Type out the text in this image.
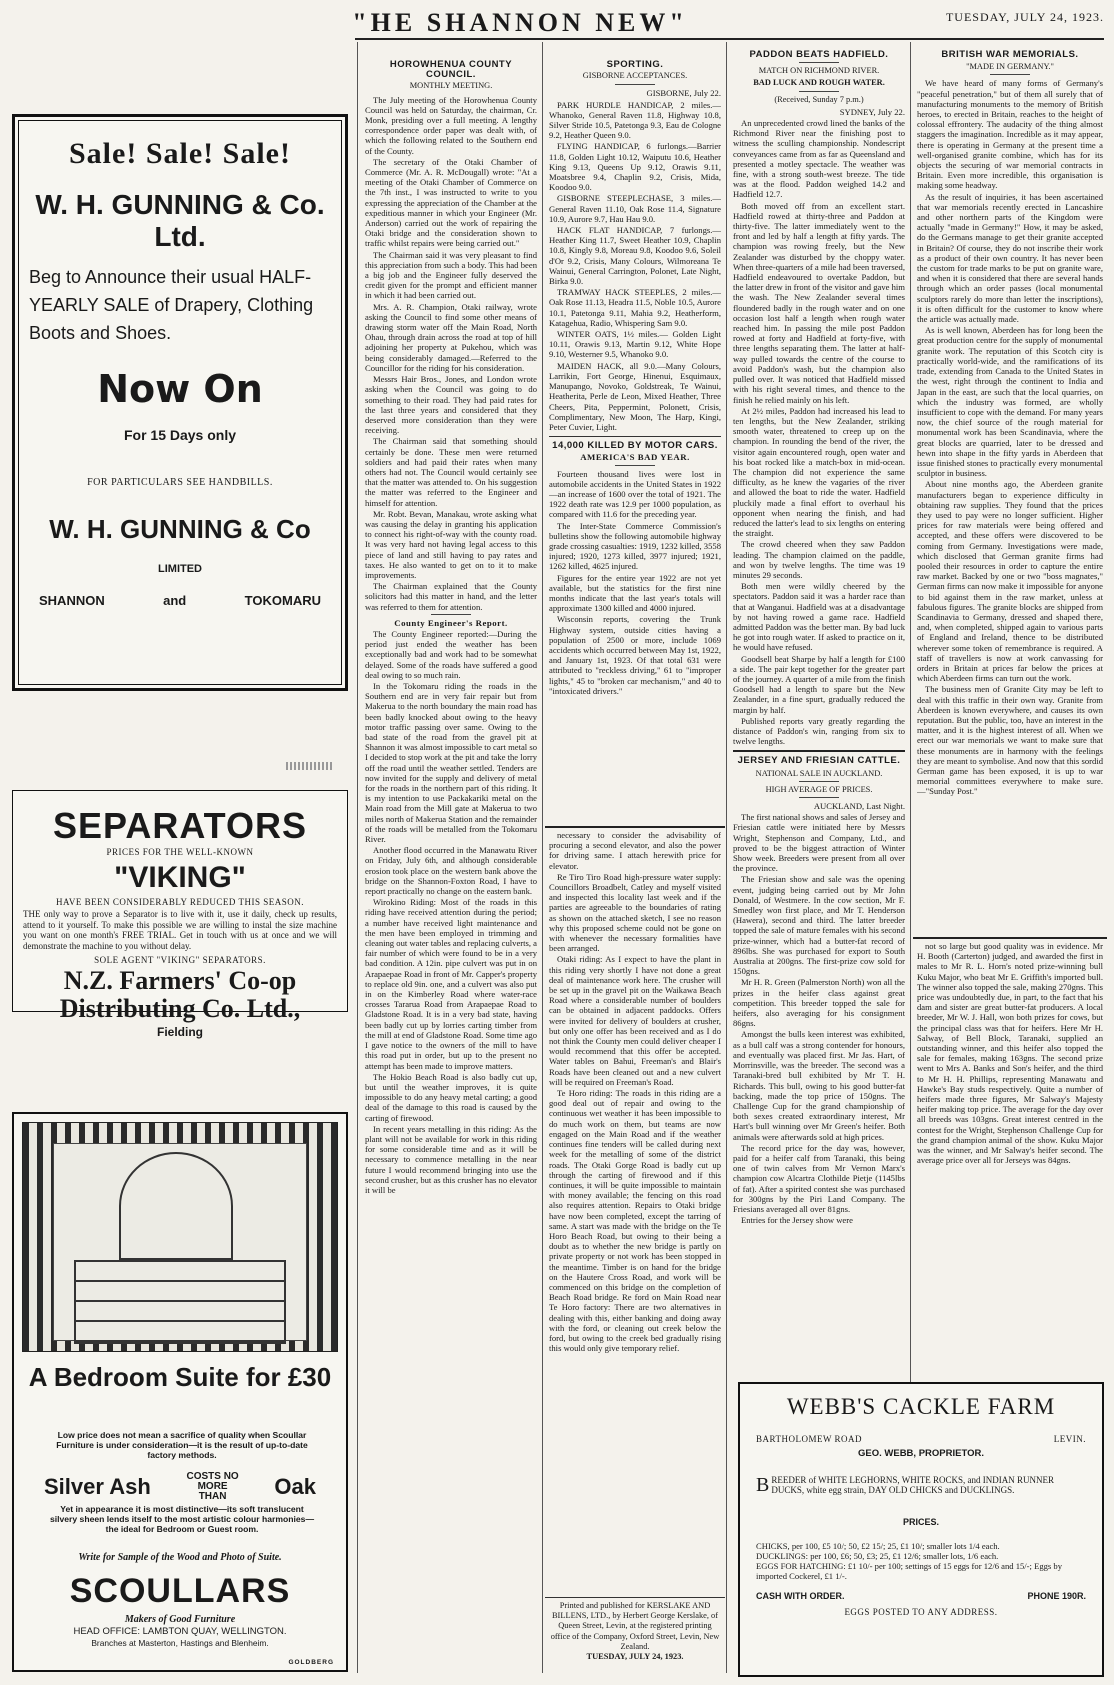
"HE SHANNON NEW"	TUESDAY, JULY 24, 1923.
Sale! Sale! Sale!
W. H. GUNNING & Co. Ltd.
Beg to Announce their usual HALF-YEARLY SALE of Drapery, Clothing Boots and Shoes.
Now On
For 15 Days only
FOR PARTICULARS SEE HANDBILLS.
W. H. GUNNING & Co
LIMITED
SHANNON	and	TOKOMARU
SEPARATORS
PRICES FOR THE WELL-KNOWN
"VIKING"
HAVE BEEN CONSIDERABLY REDUCED THIS SEASON.
THE only way to prove a Separator is to live with it, use it daily, check up results, attend to it yourself. To make this possible we are willing to instal the size machine you want on one month's FREE TRIAL. Get in touch with us at once and we will demonstrate the machine to you without delay.
SOLE AGENT "VIKING" SEPARATORS.
N.Z. Farmers' Co-op Distributing Co. Ltd.,
Fielding
A Bedroom Suite for £30
Low price does not mean a sacrifice of quality when Scoullar Furniture is under consideration—it is the result of up-to-date factory methods.
Silver Ash	COSTS NO MORE THAN	Oak
Yet in appearance it is most distinctive—its soft translucent silvery sheen lends itself to the most artistic colour harmonies—the ideal for Bedroom or Guest room.
Write for Sample of the Wood and Photo of Suite.
SCOULLARS
Makers of Good Furniture
HEAD OFFICE: LAMBTON QUAY, WELLINGTON.
Branches at Masterton, Hastings and Blenheim.
GOLDBERG
HOROWHENUA COUNTY COUNCIL.
MONTHLY MEETING.

The July meeting of the Horowhenua County Council was held on Saturday, the chairman, Cr. Monk, presiding over a full meeting. A lengthy correspondence order paper was dealt with, of which the following related to the Southern end of the County.

The secretary of the Otaki Chamber of Commerce (Mr. A. R. McDougall) wrote: "At a meeting of the Otaki Chamber of Commerce on the 7th inst., I was instructed to write to you expressing the appreciation of the Chamber at the expeditious manner in which your Engineer (Mr. Anderson) carried out the work of repairing the Otaki bridge and the consideration shown to traffic whilst repairs were being carried out."

The Chairman said it was very pleasant to find this appreciation from such a body. This had been a big job and the Engineer fully deserved the credit given for the prompt and efficient manner in which it had been carried out.

Mrs. A. R. Champion, Otaki railway, wrote asking the Council to find some other means of drawing storm water off the Main Road, North Ohau, through drain across the road at top of hill adjoining her property at Pukehou, which was being considerably damaged.—Referred to the Councillor for the riding for his consideration.

Messrs Hair Bros., Jones, and London wrote asking when the Council was going to do something to their road. They had paid rates for the last three years and considered that they deserved more consideration than they were receiving.

The Chairman said that something should certainly be done. These men were returned soldiers and had paid their rates when many others had not. The Council would certainly see that the matter was attended to. On his suggestion the matter was referred to the Engineer and himself for attention.

Mr. Robt. Bevan, Manakau, wrote asking what was causing the delay in granting his application to connect his right-of-way with the county road. It was very hard not having legal access to this piece of land and still having to pay rates and taxes. He also wanted to get on to it to make improvements.

The Chairman explained that the County solicitors had this matter in hand, and the letter was referred to them for attention.

County Engineer's Report.

The County Engineer reported:—During the period just ended the weather has been exceptionally bad and work had to be somewhat delayed. Some of the roads have suffered a good deal owing to so much rain.

In the Tokomaru riding the roads in the Southern end are in very fair repair but from Makerua to the north boundary the main road has been badly knocked about owing to the heavy motor traffic passing over same. Owing to the bad state of the road from the gravel pit at Shannon it was almost impossible to cart metal so I decided to stop work at the pit and take the lorry off the road until the weather settled. Tenders are now invited for the supply and delivery of metal for the roads in the northern part of this riding. It is my intention to use Packakariki metal on the Main road from the Mill gate at Makerua to two miles north of Makerua Station and the remainder of the roads will be metalled from the Tokomaru River.

Another flood occurred in the Manawatu River on Friday, July 6th, and although considerable erosion took place on the western bank above the bridge on the Shannon-Foxton Road, I have to report practically no change on the eastern bank.

Wirokino Riding: Most of the roads in this riding have received attention during the period; a number have received light maintenance and the men have been employed in trimming and cleaning out water tables and replacing culverts, a fair number of which were found to be in a very bad condition. A 12in. pipe culvert was put in on Arapaepae Road in front of Mr. Capper's property to replace old 9in. one, and a culvert was also put in on the Kimberley Road where water-race crosses Tararua Road from Arapaepae Road to Gladstone Road. It is in a very bad state, having been badly cut up by lorries carting timber from the mill at end of Gladstone Road. Some time ago I gave notice to the owners of the mill to have this road put in order, but up to the present no attempt has been made to improve matters.

The Hokio Beach Road is also badly cut up, but until the weather improves, it is quite impossible to do any heavy metal carting; a good deal of the damage to this road is caused by the carting of firewood.

In recent years metalling in this riding: As the plant will not be available for work in this riding for some considerable time and as it will be necessary to commence metalling in the near future I would recommend bringing into use the second crusher, but as this crusher has no elevator it will be

SPORTING.
GISBORNE ACCEPTANCES.

GISBORNE, July 22.

PARK HURDLE HANDICAP, 2 miles.—Whanoko, General Raven 11.8, Highway 10.8, Silver Stride 10.5, Patetonga 9.3, Eau de Cologne 9.2, Heather Queen 9.0.

FLYING HANDICAP, 6 furlongs.—Barrier 11.8, Golden Light 10.12, Waiputu 10.6, Heather King 9.13, Queens Up 9.12, Orawis 9.11, Moatsbree 9.4, Chaplin 9.2, Crisis, Mida, Koodoo 9.0.

GISBORNE STEEPLECHASE, 3 miles.—General Raven 11.10, Oak Rose 11.4, Signature 10.9, Aurore 9.7, Hau Hau 9.0.

HACK FLAT HANDICAP, 7 furlongs.— Heather King 11.7, Sweet Heather 10.9, Chaplin 10.8, Kingly 9.8, Moreau 9.8, Koodoo 9.6, Soleil d'Or 9.2, Crisis, Many Colours, Wilmoreana Te Wainui, General Carrington, Polonet, Late Night, Birka 9.0.

TRAMWAY HACK STEEPLES, 2 miles.—Oak Rose 11.13, Headra 11.5, Noble 10.5, Aurore 10.1, Patetonga 9.11, Mahia 9.2, Heatherform, Katagehua, Radio, Whispering Sam 9.0.

WINTER OATS, 1½ miles.— Golden Light 10.11, Orawis 9.13, Martin 9.12, White Hope 9.10, Westerner 9.5, Whanoko 9.0.

MAIDEN HACK, all 9.0.—Many Colours, Larrikin, Fort George, Hinenui, Esquimaux, Manupango, Novoko, Goldstreak, Te Wainui, Heatherita, Perle de Leon, Mixed Heather, Three Cheers, Pita, Peppermint, Polonett, Crisis, Complimentary, New Moon, The Harp, Kingi, Peter Cuvier, Light.

14,000 KILLED BY MOTOR CARS.
AMERICA'S BAD YEAR.

Fourteen thousand lives were lost in automobile accidents in the United States in 1922—an increase of 1600 over the total of 1921. The 1922 death rate was 12.9 per 1000 population, as compared with 11.6 for the preceding year.

The Inter-State Commerce Commission's bulletins show the following automobile highway grade crossing casualties: 1919, 1232 killed, 3558 injured; 1920, 1273 killed, 3977 injured; 1921, 1262 killed, 4625 injured.

Figures for the entire year 1922 are not yet available, but the statistics for the first nine months indicate that the last year's totals will approximate 1300 killed and 4000 injured.

Wisconsin reports, covering the Trunk Highway system, outside cities having a population of 2500 or more, include 1069 accidents which occurred between May 1st, 1922, and January 1st, 1923. Of that total 631 were attributed to "reckless driving," 61 to "improper lights," 45 to "broken car mechanism," and 40 to "intoxicated drivers."

necessary to consider the advisability of procuring a second elevator, and also the power for driving same. I attach herewith price for elevator.

Re Tiro Tiro Road high-pressure water supply: Councillors Broadbelt, Catley and myself visited and inspected this locality last week and if the parties are agreeable to the boundaries of rating as shown on the attached sketch, I see no reason why this proposed scheme could not be gone on with whenever the necessary formalities have been arranged.

Otaki riding: As I expect to have the plant in this riding very shortly I have not done a great deal of maintenance work here. The crusher will be set up in the gravel pit on the Waikawa Beach Road where a considerable number of boulders can be obtained in adjacent paddocks. Offers were invited for delivery of boulders at crusher, but only one offer has been received and as I do not think the County men could deliver cheaper I would recommend that this offer be accepted. Water tables on Bahui, Freeman's and Blair's Roads have been cleaned out and a new culvert will be required on Freeman's Road.

Te Horo riding: The roads in this riding are a good deal out of repair and owing to the continuous wet weather it has been impossible to do much work on them, but teams are now engaged on the Main Road and if the weather continues fine tenders will be called during next week for the metalling of some of the district roads. The Otaki Gorge Road is badly cut up through the carting of firewood and if this continues, it will be quite impossible to maintain with money available; the fencing on this road also requires attention. Repairs to Otaki bridge have now been completed, except the tarring of same. A start was made with the bridge on the Te Horo Beach Road, but owing to their being a doubt as to whether the new bridge is partly on private property or not work has been stopped in the meantime. Timber is on hand for the bridge on the Hautere Cross Road, and work will be commenced on this bridge on the completion of Beach Road bridge. Re ford on Main Road near Te Horo factory: There are two alternatives in dealing with this, either banking and doing away with the ford, or cleaning out creek below the ford, but owing to the creek bed gradually rising this would only give temporary relief.

Printed and published for KERSLAKE AND BILLENS, LTD., by Herbert George Kerslake, of Queen Street, Levin, at the registered printing office of the Company, Oxford Street, Levin, New Zealand.
TUESDAY, JULY 24, 1923.
PADDON BEATS HADFIELD.
MATCH ON RICHMOND RIVER.
BAD LUCK AND ROUGH WATER.
(Received, Sunday 7 p.m.)

SYDNEY, July 22.

An unprecedented crowd lined the banks of the Richmond River near the finishing post to witness the sculling championship. Nondescript conveyances came from as far as Queensland and presented a motley spectacle. The weather was fine, with a strong south-west breeze. The tide was at the flood. Paddon weighed 14.2 and Hadfield 12.7.

Both moved off from an excellent start. Hadfield rowed at thirty-three and Paddon at thirty-five. The latter immediately went to the front and led by half a length at fifty yards. The champion was rowing freely, but the New Zealander was disturbed by the choppy water. When three-quarters of a mile had been traversed, Hadfield endeavoured to overtake Paddon, but the latter drew in front of the visitor and gave him the wash. The New Zealander several times floundered badly in the rough water and on one occasion lost half a length when rough water reached him. In passing the mile post Paddon rowed at forty and Hadfield at forty-five, with three lengths separating them. The latter at half-way pulled towards the centre of the course to avoid Paddon's wash, but the champion also pulled over. It was noticed that Hadfield missed with his right several times, and thence to the finish he relied mainly on his left.

At 2½ miles, Paddon had increased his lead to ten lengths, but the New Zealander, striking smooth water, threatened to creep up on the champion. In rounding the bend of the river, the visitor again encountered rough, open water and his boat rocked like a match-box in mid-ocean. The champion did not experience the same difficulty, as he knew the vagaries of the river and allowed the boat to ride the water. Hadfield pluckily made a final effort to overhaul his opponent when nearing the finish, and had reduced the latter's lead to six lengths on entering the straight.

The crowd cheered when they saw Paddon leading. The champion claimed on the paddle, and won by twelve lengths. The time was 19 minutes 29 seconds.

Both men were wildly cheered by the spectators. Paddon said it was a harder race than that at Wanganui. Hadfield was at a disadvantage by not having rowed a game race. Hadfield admitted Paddon was the better man. By bad luck he got into rough water. If asked to practice on it, he would have refused.

Goodsell beat Sharpe by half a length for £100 a side. The pair kept together for the greater part of the journey. A quarter of a mile from the finish Goodsell had a length to spare but the New Zealander, in a fine spurt, gradually reduced the margin by half.

Published reports vary greatly regarding the distance of Paddon's win, ranging from six to twelve lengths.

JERSEY AND FRIESIAN CATTLE.
NATIONAL SALE IN AUCKLAND.
HIGH AVERAGE OF PRICES.

AUCKLAND, Last Night.

The first national shows and sales of Jersey and Friesian cattle were initiated here by Messrs Wright, Stephenson and Company, Ltd., and proved to be the biggest attraction of Winter Show week. Breeders were present from all over the province.

The Friesian show and sale was the opening event, judging being carried out by Mr John Donald, of Westmere. In the cow section, Mr F. Smedley won first place, and Mr T. Henderson (Hawera), second and third. The latter breeder topped the sale of mature females with his second prize-winner, which had a butter-fat record of 896lbs. She was purchased for export to South Australia at 200gns. The first-prize cow sold for 150gns.

Mr H. R. Green (Palmerston North) won all the prizes in the heifer class against great competition. This breeder topped the sale for heifers, also averaging for his consignment 86gns.

Amongst the bulls keen interest was exhibited, as a bull calf was a strong contender for honours, and eventually was placed first. Mr Jas. Hart, of Morrinsville, was the breeder. The second was a Taranaki-bred bull exhibited by Mr T. H. Richards. This bull, owing to his good butter-fat backing, made the top price of 150gns. The Challenge Cup for the grand championship of both sexes created extraordinary interest, Mr Hart's bull winning over Mr Green's heifer. Both animals were afterwards sold at high prices.

The record price for the day was, however, paid for a heifer calf from Taranaki, this being one of twin calves from Mr Vernon Marx's champion cow Alcartra Clothilde Pietje (1145lbs of fat). After a spirited contest she was purchased for 300gns by the Piri Land Company. The Friesians averaged all over 81gns.

Entries for the Jersey show were

BRITISH WAR MEMORIALS.
"MADE IN GERMANY."

We have heard of many forms of Germany's "peaceful penetration," but of them all surely that of manufacturing monuments to the memory of British heroes, to erected in Britain, reaches to the height of colossal effrontery. The audacity of the thing almost staggers the imagination. Incredible as it may appear, there is operating in Germany at the present time a well-organised granite combine, which has for its objects the securing of war memorial contracts in Britain. Even more incredible, this organisation is making some headway.

As the result of inquiries, it has been ascertained that war memorials recently erected in Lancashire and other northern parts of the Kingdom were actually "made in Germany!" How, it may be asked, do the Germans manage to get their granite accepted in Britain? Of course, they do not inscribe their work as a product of their own country. It has never been the custom for trade marks to be put on granite ware, and when it is considered that there are several hands through which an order passes (local monumental sculptors rarely do more than letter the inscriptions), it is often difficult for the customer to know where the article was actually made.

As is well known, Aberdeen has for long been the great production centre for the supply of monumental granite work. The reputation of this Scotch city is practically world-wide, and the ramifications of its trade, extending from Canada to the United States in the west, right through the continent to India and Japan in the east, are such that the local quarries, on which the industry was formed, are wholly insufficient to cope with the demand. For many years now, the chief source of the rough material for monumental work has been Scandinavia, where the great blocks are quarried, later to be dressed and hewn into shape in the fifty yards in Aberdeen that issue finished stones to practically every monumental sculptor in business.

About nine months ago, the Aberdeen granite manufacturers began to experience difficulty in obtaining raw supplies. They found that the prices they used to pay were no longer sufficient. Higher prices for raw materials were being offered and accepted, and these offers were discovered to be coming from Germany. Investigations were made, which disclosed that German granite firms had pooled their resources in order to capture the entire raw market. Backed by one or two "boss magnates," German firms can now make it impossible for anyone to bid against them in the raw market, unless at fabulous figures. The granite blocks are shipped from Scandinavia to Germany, dressed and shaped there, and, when completed, shipped again to various parts of England and Ireland, thence to be distributed wherever some token of remembrance is required. A staff of travellers is now at work canvassing for orders in Britain at prices far below the prices at which Aberdeen firms can turn out the work.

The business men of Granite City may be left to deal with this traffic in their own way. Granite from Aberdeen is known everywhere, and causes its own reputation. But the public, too, have an interest in the matter, and it is the highest interest of all. When we erect our war memorials we want to make sure that these monuments are in harmony with the feelings they are meant to symbolise. And now that this sordid German game has been exposed, it is up to war memorial committees everywhere to make sure.—"Sunday Post."

not so large but good quality was in evidence. Mr H. Booth (Carterton) judged, and awarded the first in males to Mr R. L. Horn's noted prize-winning bull Kuku Major, who beat Mr E. Griffith's imported bull. The winner also topped the sale, making 270gns. This price was undoubtedly due, in part, to the fact that his dam and sister are great butter-fat producers. A local breeder, Mr W. J. Hall, won both prizes for cows, but the principal class was that for heifers. Here Mr H. Salway, of Bell Block, Taranaki, supplied an outstanding winner, and this heifer also topped the sale for females, making 163gns. The second prize went to Mrs A. Banks and Son's heifer, and the third to Mr H. H. Phillips, representing Manawatu and Hawke's Bay studs respectively. Quite a number of heifers made three figures, Mr Salway's Majesty heifer making top price. The average for the day over all breeds was 103gns. Great interest centred in the contest for the Wright, Stephenson Challenge Cup for the grand champion animal of the show. Kuku Major was the winner, and Mr Salway's heifer second. The average price over all for Jerseys was 84gns.

WEBB'S CACKLE FARM
BARTHOLOMEW ROAD	LEVIN.
GEO. WEBB, PROPRIETOR.
B REEDER of WHITE LEGHORNS, WHITE ROCKS, and INDIAN RUNNER DUCKS, white egg strain, DAY OLD CHICKS and DUCKLINGS.
PRICES.
CHICKS, per 100, £5 10/; 50, £2 15/; 25, £1 10/; smaller lots 1/4 each.
DUCKLINGS: per 100, £6; 50, £3; 25, £1 12/6; smaller lots, 1/6 each.
EGGS FOR HATCHING: £1 10/- per 100; settings of 15 eggs for 12/6 and 15/-; Eggs by imported Cockerel, £1 1/-.
CASH WITH ORDER.	PHONE 190R.
EGGS POSTED TO ANY ADDRESS.
